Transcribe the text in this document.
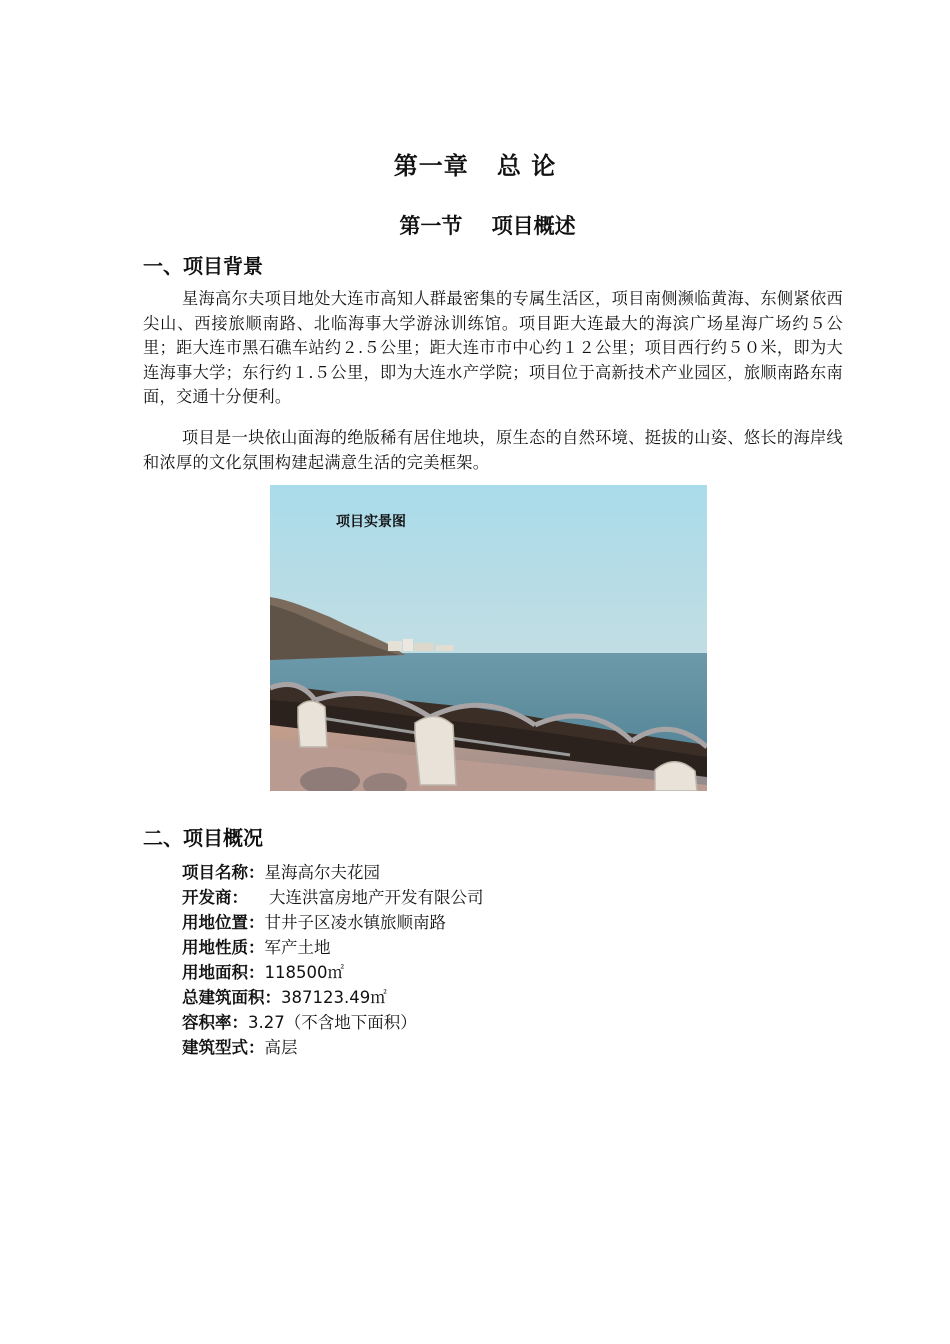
第一章   总 论
第一节    项目概述
一、项目背景

星海高尔夫项目地处大连市高知人群最密集的专属生活区，项目南侧濒临黄海、东侧紧依西尖山、西接旅顺南路、北临海事大学游泳训练馆。项目距大连最大的海滨广场星海广场约５公里；距大连市黑石礁车站约２.５公里；距大连市市中心约１２公里；项目西行约５０米，即为大连海事大学；东行约１.５公里，即为大连水产学院；项目位于高新技术产业园区，旅顺南路东南面，交通十分便利。

项目是一块依山面海的绝版稀有居住地块，原生态的自然环境、挺拔的山姿、悠长的海岸线和浓厚的文化氛围构建起满意生活的完美框架。

项目实景图
二、项目概况
项目名称：星海高尔夫花园
开发商：    大连洪富房地产开发有限公司
用地位置：甘井子区凌水镇旅顺南路
用地性质：军产土地
用地面积：118500㎡
总建筑面积：387123.49㎡
容积率：3.27（不含地下面积）
建筑型式：高层
